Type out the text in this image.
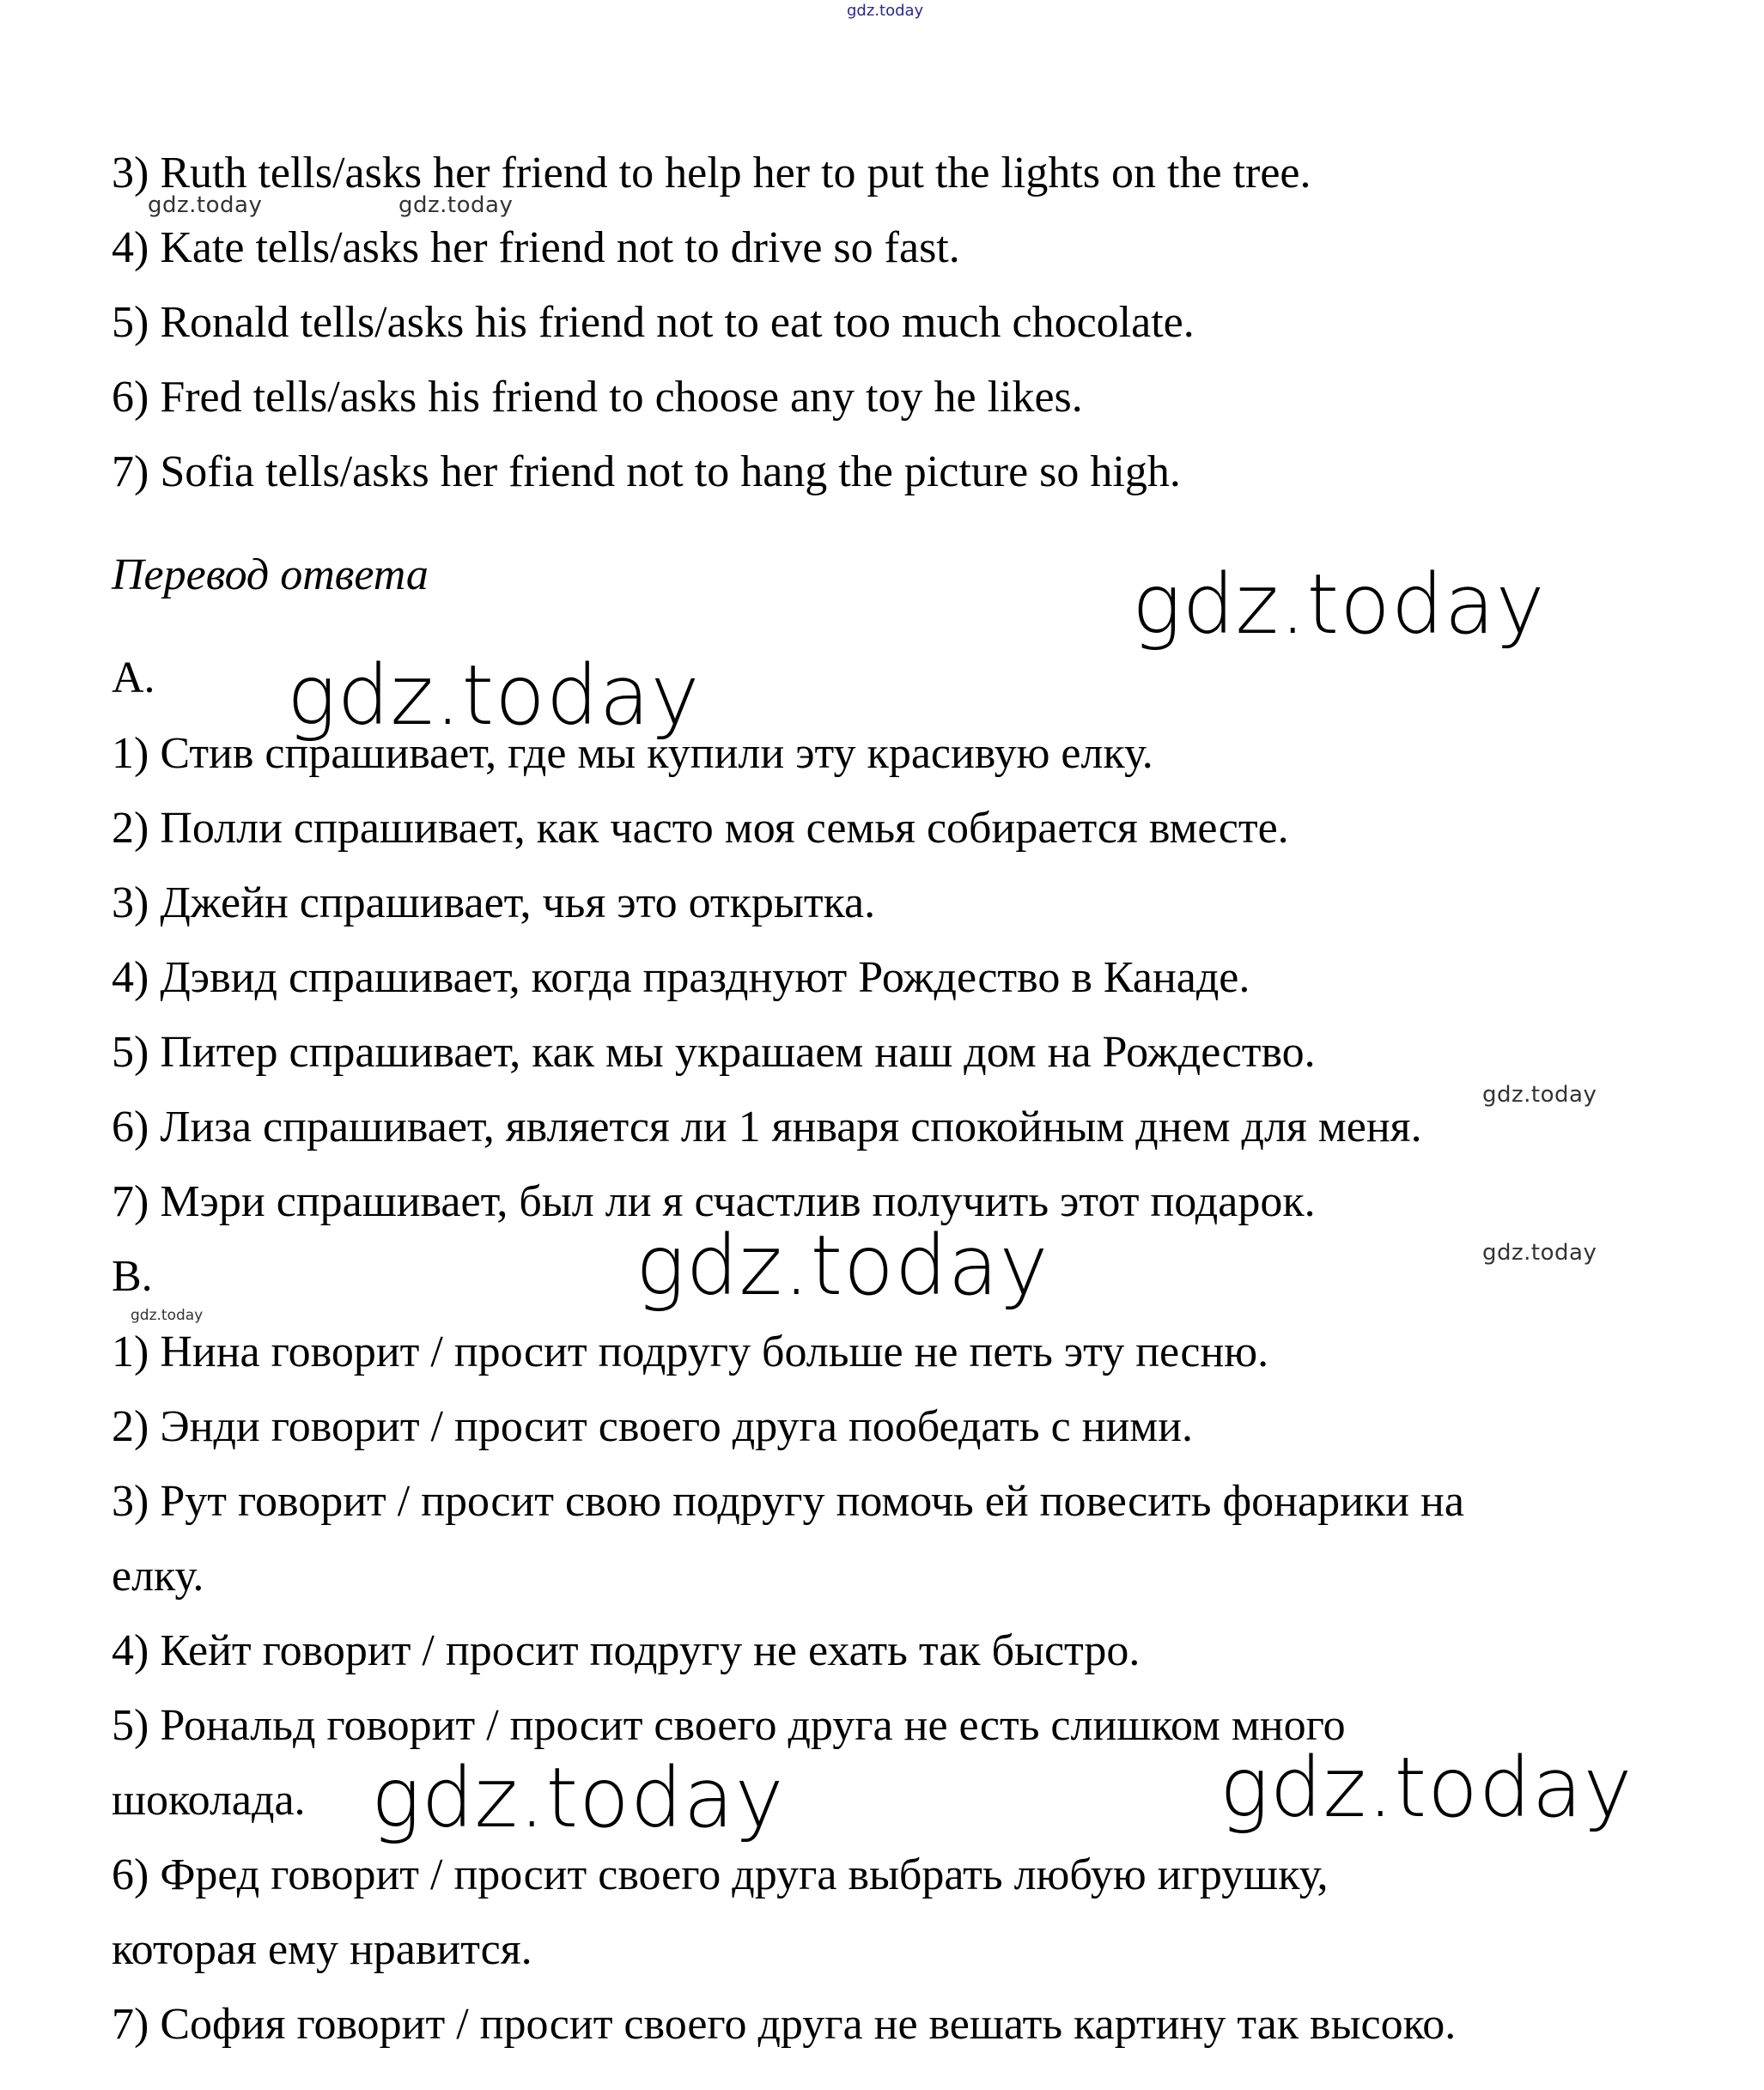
gdz.today
3) Ruth tells/asks her friend to help her to put the lights on the tree.
4) Kate tells/asks her friend not to drive so fast.
5) Ronald tells/asks his friend not to eat too much chocolate.
6) Fred tells/asks his friend to choose any toy he likes.
7) Sofia tells/asks her friend not to hang the picture so high.
gdz.today	gdz.today
Перевод ответа	gdz.today
A. gdz.today
1) Стив спрашивает, где мы купили эту красивую елку.
2) Полли спрашивает, как часто моя семья собирается вместе.
3) Джейн спрашивает, чья это открытка.
4) Дэвид спрашивает, когда празднуют Рождество в Канаде.
5) Питер спрашивает, как мы украшаем наш дом на Рождество.
gdz.today
6) Лиза спрашивает, является ли 1 января спокойным днем для меня.
7) Мэри спрашивает, был ли я счастлив получить этот подарок.
B.
gdz.today
gdz.today	gdz.today
1) Нина говорит / просит подругу больше не петь эту песню.
2) Энди говорит / просит своего друга пообедать с ними.
3) Рут говорит / просит свою подругу помочь ей повесить фонарики на
елку.
4) Кейт говорит / просит подругу не ехать так быстро.
5) Рональд говорит / просит своего друга не есть слишком много
шоколада. gdz.today	gdz.today
6) Фред говорит / просит своего друга выбрать любую игрушку,
которая ему нравится.
7) София говорит / просит своего друга не вешать картину так высоко.
